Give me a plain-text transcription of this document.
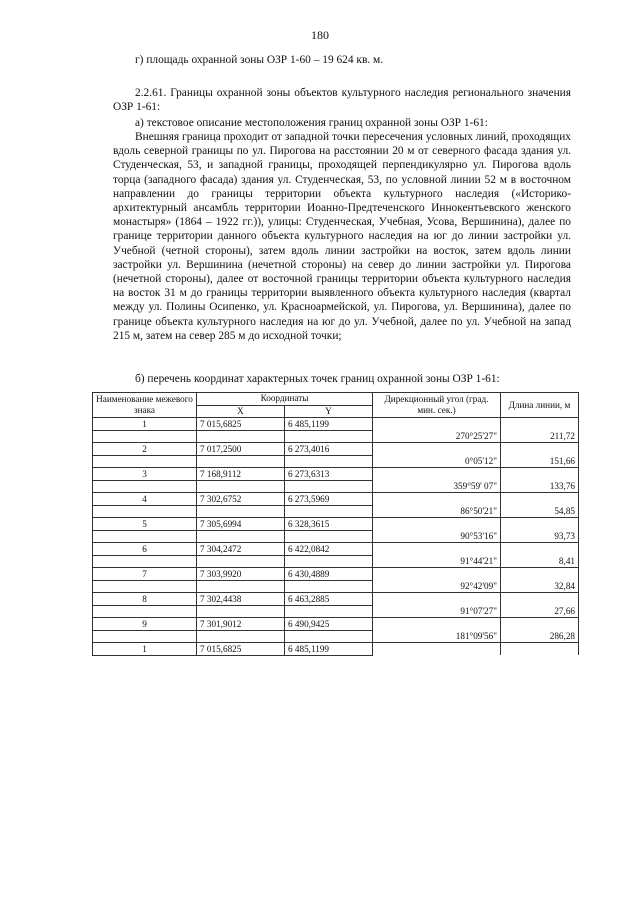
180
г) площадь охранной зоны ОЗР 1-60 – 19 624 кв. м.
2.2.61. Границы охранной зоны объектов культурного наследия регионального значения ОЗР 1-61:
а) текстовое описание местоположения границ охранной зоны ОЗР 1-61:
Внешняя граница проходит от западной точки пересечения условных линий, проходящих вдоль северной границы по ул. Пирогова на расстоянии 20 м от северного фасада здания ул. Студенческая, 53, и западной границы, проходящей перпендикулярно ул. Пирогова вдоль торца (западного фасада) здания ул. Студенческая, 53, по условной линии 52 м в восточном направлении до границы территории объекта культурного наследия («Историко-архитектурный ансамбль территории Иоанно-Предтеченского Иннокентьевского женского монастыря» (1864 – 1922 гг.)), улицы: Студенческая, Учебная, Усова, Вершинина), далее по границе территории данного объекта культурного наследия на юг до линии застройки ул. Учебной (четной стороны), затем вдоль линии застройки на восток, затем вдоль линии застройки ул. Вершинина (нечетной стороны) на север до линии застройки ул. Пирогова (нечетной стороны), далее от восточной границы территории объекта культурного наследия на восток 31 м до границы территории выявленного объекта культурного наследия (квартал между ул. Полины Осипенко, ул. Красноармейской, ул. Пирогова, ул. Вершинина), далее по границе объекта культурного наследия на юг до ул. Учебной, далее по ул. Учебной на запад 215 м, затем на север 285 м до исходной точки;
б) перечень координат характерных точек границ охранной зоны ОЗР 1-61:
Наименование межевого знака	Координаты		Дирекционный угол (град. мин. сек.)	Длина линии, м
	X	Y		
1	7 015,6825	6 485,1199		
			270°25'27"	211,72
2	7 017,2500	6 273,4016		
			0°05'12"	151,66
3	7 168,9112	6 273,6313		
			359°59' 07"	133,76
4	7 302,6752	6 273,5969		
			86°50'21"	54,85
5	7 305,6994	6 328,3615		
			90°53'16"	93,73
6	7 304,2472	6 422,0842		
			91°44'21"	8,41
7	7 303,9920	6 430,4889		
			92°42'09"	32,84
8	7 302,4438	6 463,2885		
			91°07'27"	27,66
9	7 301,9012	6 490,9425		
			181°09'56"	286,28
1	7 015,6825	6 485,1199		
